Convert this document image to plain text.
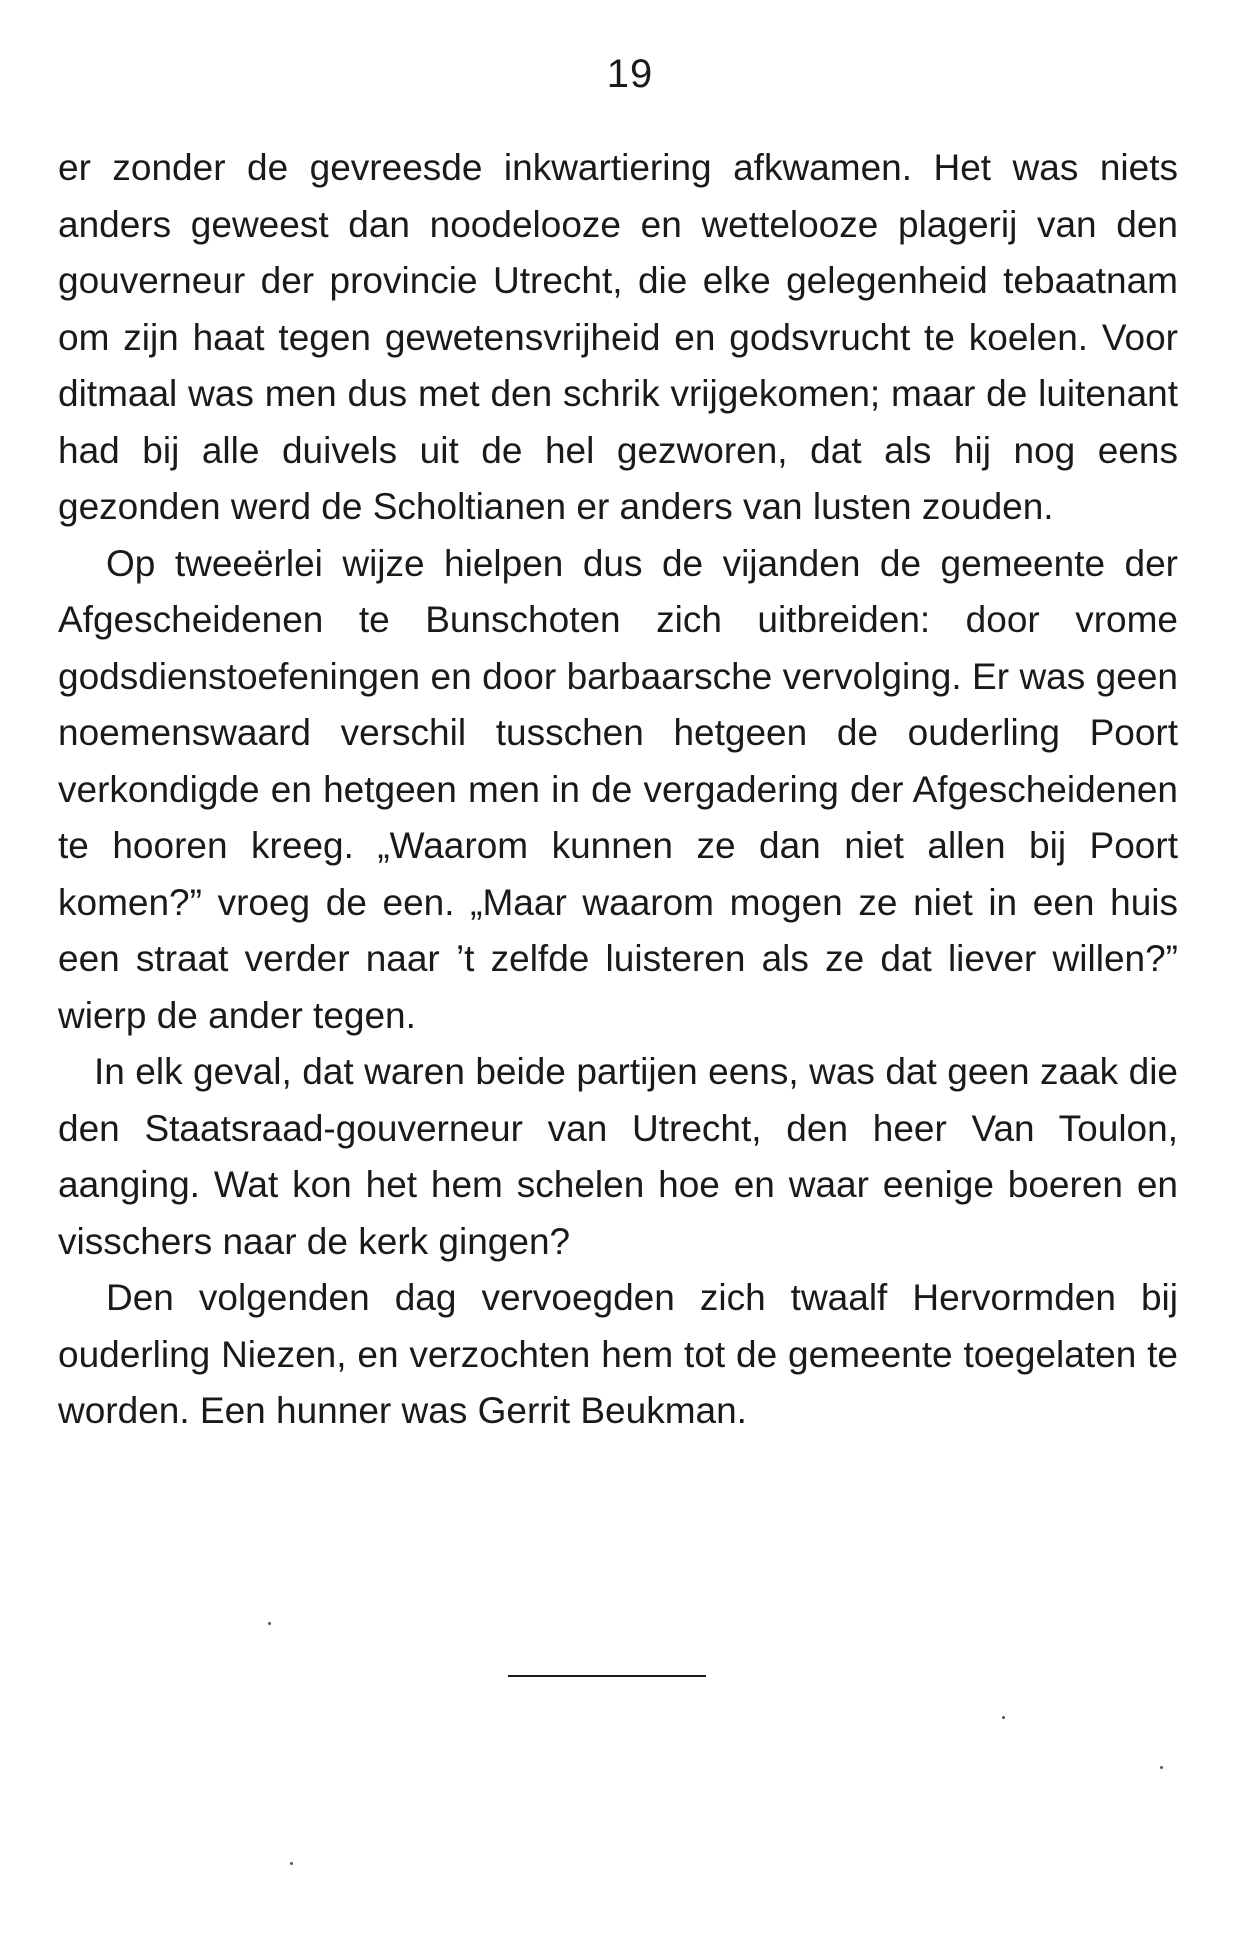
19

er zonder de gevreesde inkwartiering afkwamen. Het was niets anders geweest dan noodelooze en wettelooze plagerij van den gouverneur der provincie Utrecht, die elke gelegenheid tebaatnam om zijn haat tegen gewetensvrijheid en godsvrucht te koelen. Voor ditmaal was men dus met den schrik vrijgekomen; maar de luitenant had bij alle duivels uit de hel gezworen, dat als hij nog eens gezonden werd de Scholtianen er anders van lusten zouden.

Op tweeërlei wijze hielpen dus de vijanden de gemeente der Afgescheidenen te Bunschoten zich uitbreiden: door vrome godsdienstoefeningen en door barbaarsche vervolging. Er was geen noemenswaard verschil tusschen hetgeen de ouderling Poort verkondigde en hetgeen men in de vergadering der Afgescheidenen te hooren kreeg. „Waarom kunnen ze dan niet allen bij Poort komen?” vroeg de een. „Maar waarom mogen ze niet in een huis een straat verder naar ’t zelfde luisteren als ze dat liever willen?” wierp de ander tegen.

In elk geval, dat waren beide partijen eens, was dat geen zaak die den Staatsraad-gouverneur van Utrecht, den heer Van Toulon, aanging. Wat kon het hem schelen hoe en waar eenige boeren en visschers naar de kerk gingen?

Den volgenden dag vervoegden zich twaalf Hervormden bij ouderling Niezen, en verzochten hem tot de gemeente toegelaten te worden. Een hunner was Gerrit Beukman.
